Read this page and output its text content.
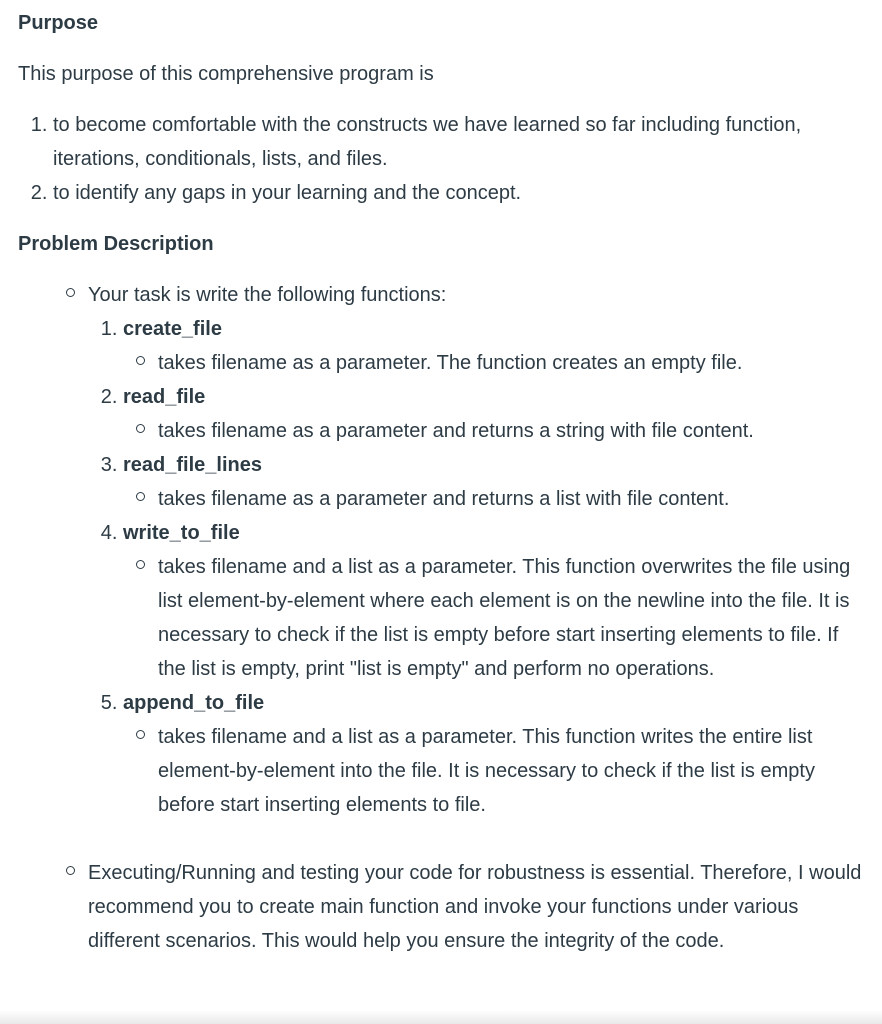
Purpose

This purpose of this comprehensive program is

1. to become comfortable with the constructs we have learned so far including function, iterations, conditionals, lists, and files.
2. to identify any gaps in your learning and the concept.
Problem Description
Your task is write the following functions:
1. create_file
takes filename as a parameter. The function creates an empty file.
2. read_file
takes filename as a parameter and returns a string with file content.
3. read_file_lines
takes filename as a parameter and returns a list with file content.
4. write_to_file
takes filename and a list as a parameter. This function overwrites the file using list element-by-element where each element is on the newline into the file. It is necessary to check if the list is empty before start inserting elements to file. If the list is empty, print "list is empty" and perform no operations.
5. append_to_file
takes filename and a list as a parameter. This function writes the entire list element-by-element into the file. It is necessary to check if the list is empty before start inserting elements to file.
Executing/Running and testing your code for robustness is essential. Therefore, I would recommend you to create main function and invoke your functions under various different scenarios. This would help you ensure the integrity of the code.
